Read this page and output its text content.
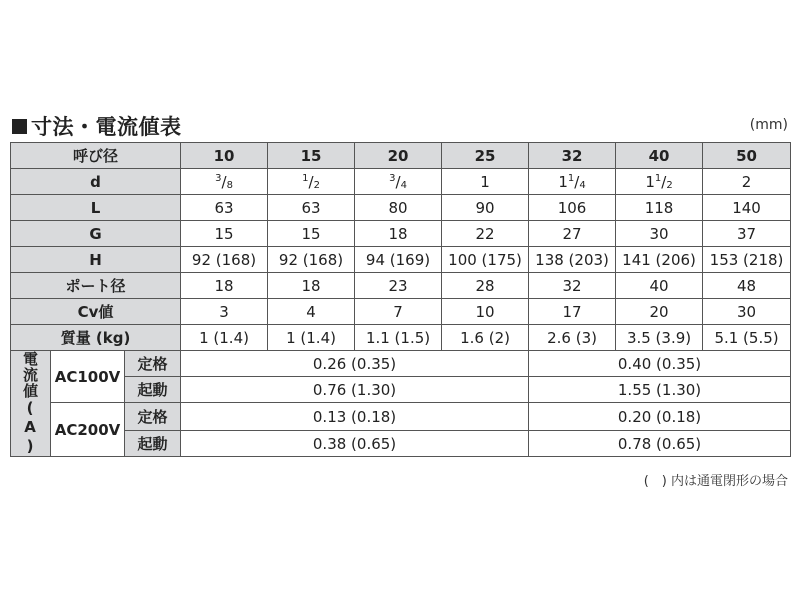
寸法・電流値表	(mm)
呼び径			10	15	20	25	32	40	50
d			$^3/_8$	$^1/_2$	$^3/_4$	1	$1^1/_4$	$1^1/_2$	2
L			63	63	80	90	106	118	140
G			15	15	18	22	27	30	37
H			92 (168)	92 (168)	94 (169)	100 (175)	138 (203)	141 (206)	153 (218)
ポート径			18	18	23	28	32	40	48
Cv値			3	4	7	10	17	20	30
質量 (kg)			1 (1.4)	1 (1.4)	1.1 (1.5)	1.6 (2)	2.6 (3)	3.5 (3.9)	5.1 (5.5)

電流値(A)	AC100V	定格	0.26 (0.35)				0.40 (0.35)		
		起動	0.76 (1.30)				1.55 (1.30)		
	AC200V	定格	0.13 (0.18)				0.20 (0.18)		
		起動	0.38 (0.65)				0.78 (0.65)		
(　) 内は通電閉形の場合
